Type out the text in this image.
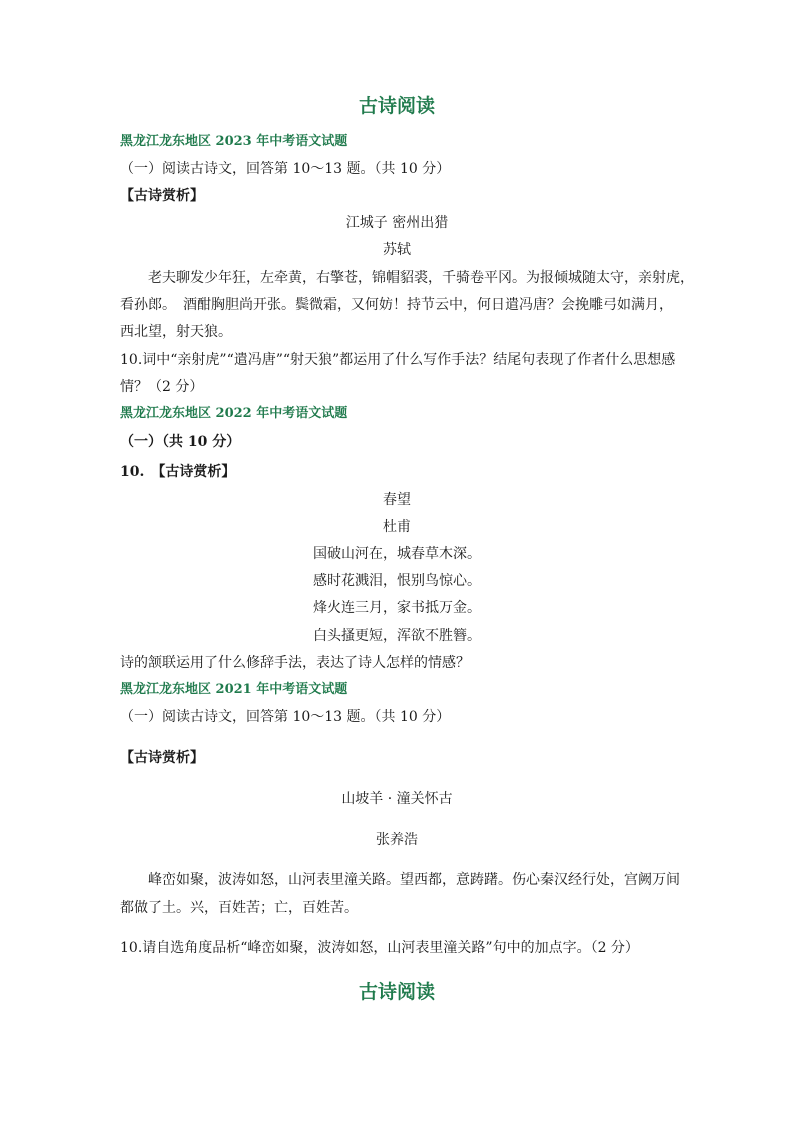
古诗阅读
黑龙江龙东地区 2023 年中考语文试题
（一）阅读古诗文，回答第 10～13 题。（共 10 分）
【古诗赏析】
江城子 密州出猎
苏轼
老夫聊发少年狂，左牵黄，右擎苍，锦帽貂裘，千骑卷平冈。为报倾城随太守，亲射虎，
看孙郎。　酒酣胸胆尚开张。鬓微霜，又何妨！持节云中，何日遣冯唐？会挽雕弓如满月，
西北望，射天狼。
10.词中“亲射虎”“遣冯唐”“射天狼”都运用了什么写作手法？结尾句表现了作者什么思想感
情？（2 分）
黑龙江龙东地区 2022 年中考语文试题
（一）（共 10 分）
10.　【古诗赏析】
春望
杜甫
国破山河在，城春草木深。
感时花溅泪，恨别鸟惊心。
烽火连三月，家书抵万金。
白头搔更短，浑欲不胜簪。
诗的颔联运用了什么修辞手法，表达了诗人怎样的情感？
黑龙江龙东地区 2021 年中考语文试题
（一）阅读古诗文，回答第 10～13 题。（共 10 分）
【古诗赏析】
山坡羊 · 潼关怀古
张养浩
峰峦如聚，波涛如怒，山河表里潼关路。望西都，意踌躇。伤心秦汉经行处，宫阙万间
都做了土。兴，百姓苦；亡，百姓苦。
10.请自选角度品析“峰峦如聚，波涛如怒，山河表里潼关路”句中的加点字。（2 分）
古诗阅读
